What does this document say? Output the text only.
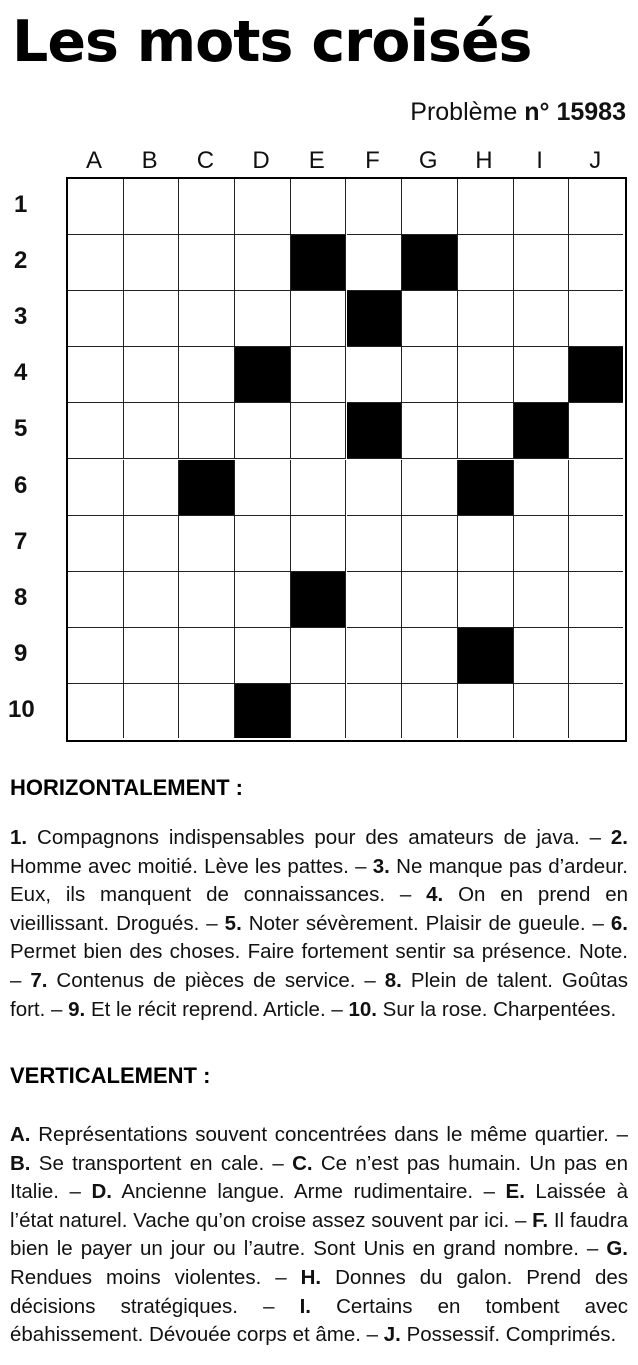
Les mots croisés
Problème n° 15983
A	B	C	D	E	F	G	H	I	J
1
2
3
4
5
6
7
8
9
10
HORIZONTALEMENT :

1. Compagnons indispensables pour des amateurs de java. – 2. Homme avec moitié. Lève les pattes. – 3. Ne manque pas d’ardeur. Eux, ils manquent de connaissances. – 4. On en prend en vieillissant. Drogués. – 5. Noter sévèrement. Plaisir de gueule. – 6. Permet bien des choses. Faire fortement sentir sa présence. Note. – 7. Contenus de pièces de service. – 8. Plein de talent. Goûtas fort. – 9. Et le récit reprend. Article. – 10. Sur la rose. Charpentées.

VERTICALEMENT :

A. Représentations souvent concentrées dans le même quartier. – B. Se transportent en cale. – C. Ce n’est pas humain. Un pas en Italie. – D. Ancienne langue. Arme rudimentaire. – E. Laissée à l’état naturel. Vache qu’on croise assez souvent par ici. – F. Il faudra bien le payer un jour ou l’autre. Sont Unis en grand nombre. – G. Rendues moins violentes. – H. Donnes du galon. Prend des décisions stratégiques. – I. Certains en tombent avec ébahissement. Dévouée corps et âme. – J. Possessif. Comprimés.
